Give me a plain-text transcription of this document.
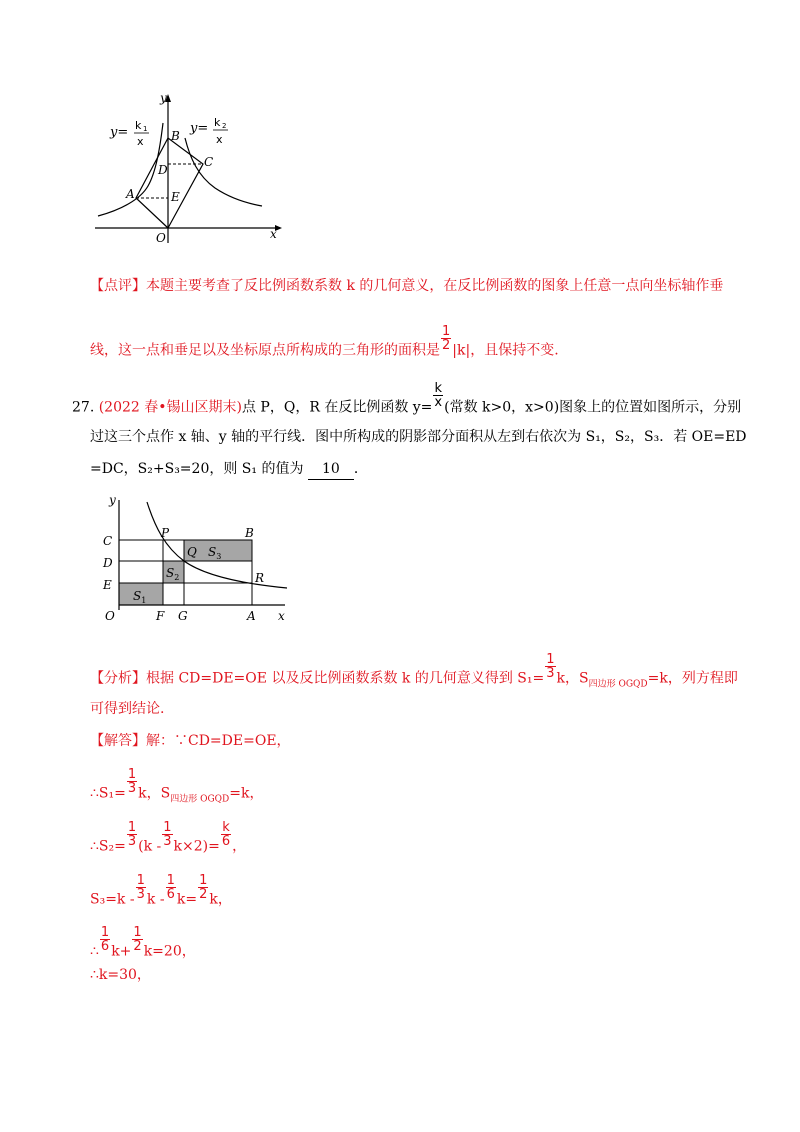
y= k 1
x
y= k 2
x
y
x
B
C
D
A	E
O
【点评】本题主要考查了反比例函数系数 k 的几何意义，在反比例函数的图象上任意一点向坐标轴作垂
线，这一点和垂足以及坐标原点所构成的三角形的面积是 $\frac{1}{2} |k|$，且保持不变.
27. (2022 春•锡山区期末)点 P，Q，R 在反比例函数 $y= \frac{k}{x}$ (常数 k>0，x>0)图象上的位置如图所示，分别
过这三个点作 x 轴、y 轴的平行线．图中所构成的阴影部分面积从左到右依次为 S₁，S₂，S₃．若 OE=ED
=DC，S₂+S₃=20，则 S₁ 的值为 10 ．
y
x
C
D
E
O	F G	A
P	B
Q
R
$S_1$
$S_2$
$S_3$
【分析】根据 CD=DE=OE 以及反比例函数系数 k 的几何意义得到 $S_1= \frac{1}{3}$ k，$S_{四边形 OGQD}=k$，列方程即
可得到结论.
【解答】解：∵CD=DE=OE，
∴S₁= $\frac{1}{3}$ k，$S_{四边形 OGQD}=k$，
∴S₂= $\frac{1}{3} (k - \frac{1}{3} k\times 2)= \frac{k}{6}$ ，
$S_3=k - \frac{1}{3}$ $k - \frac{1}{6} k= \frac{1}{2}$ k，
∴ $\frac{1}{6} k+ \frac{1}{2} k=20$，
∴k=30，
